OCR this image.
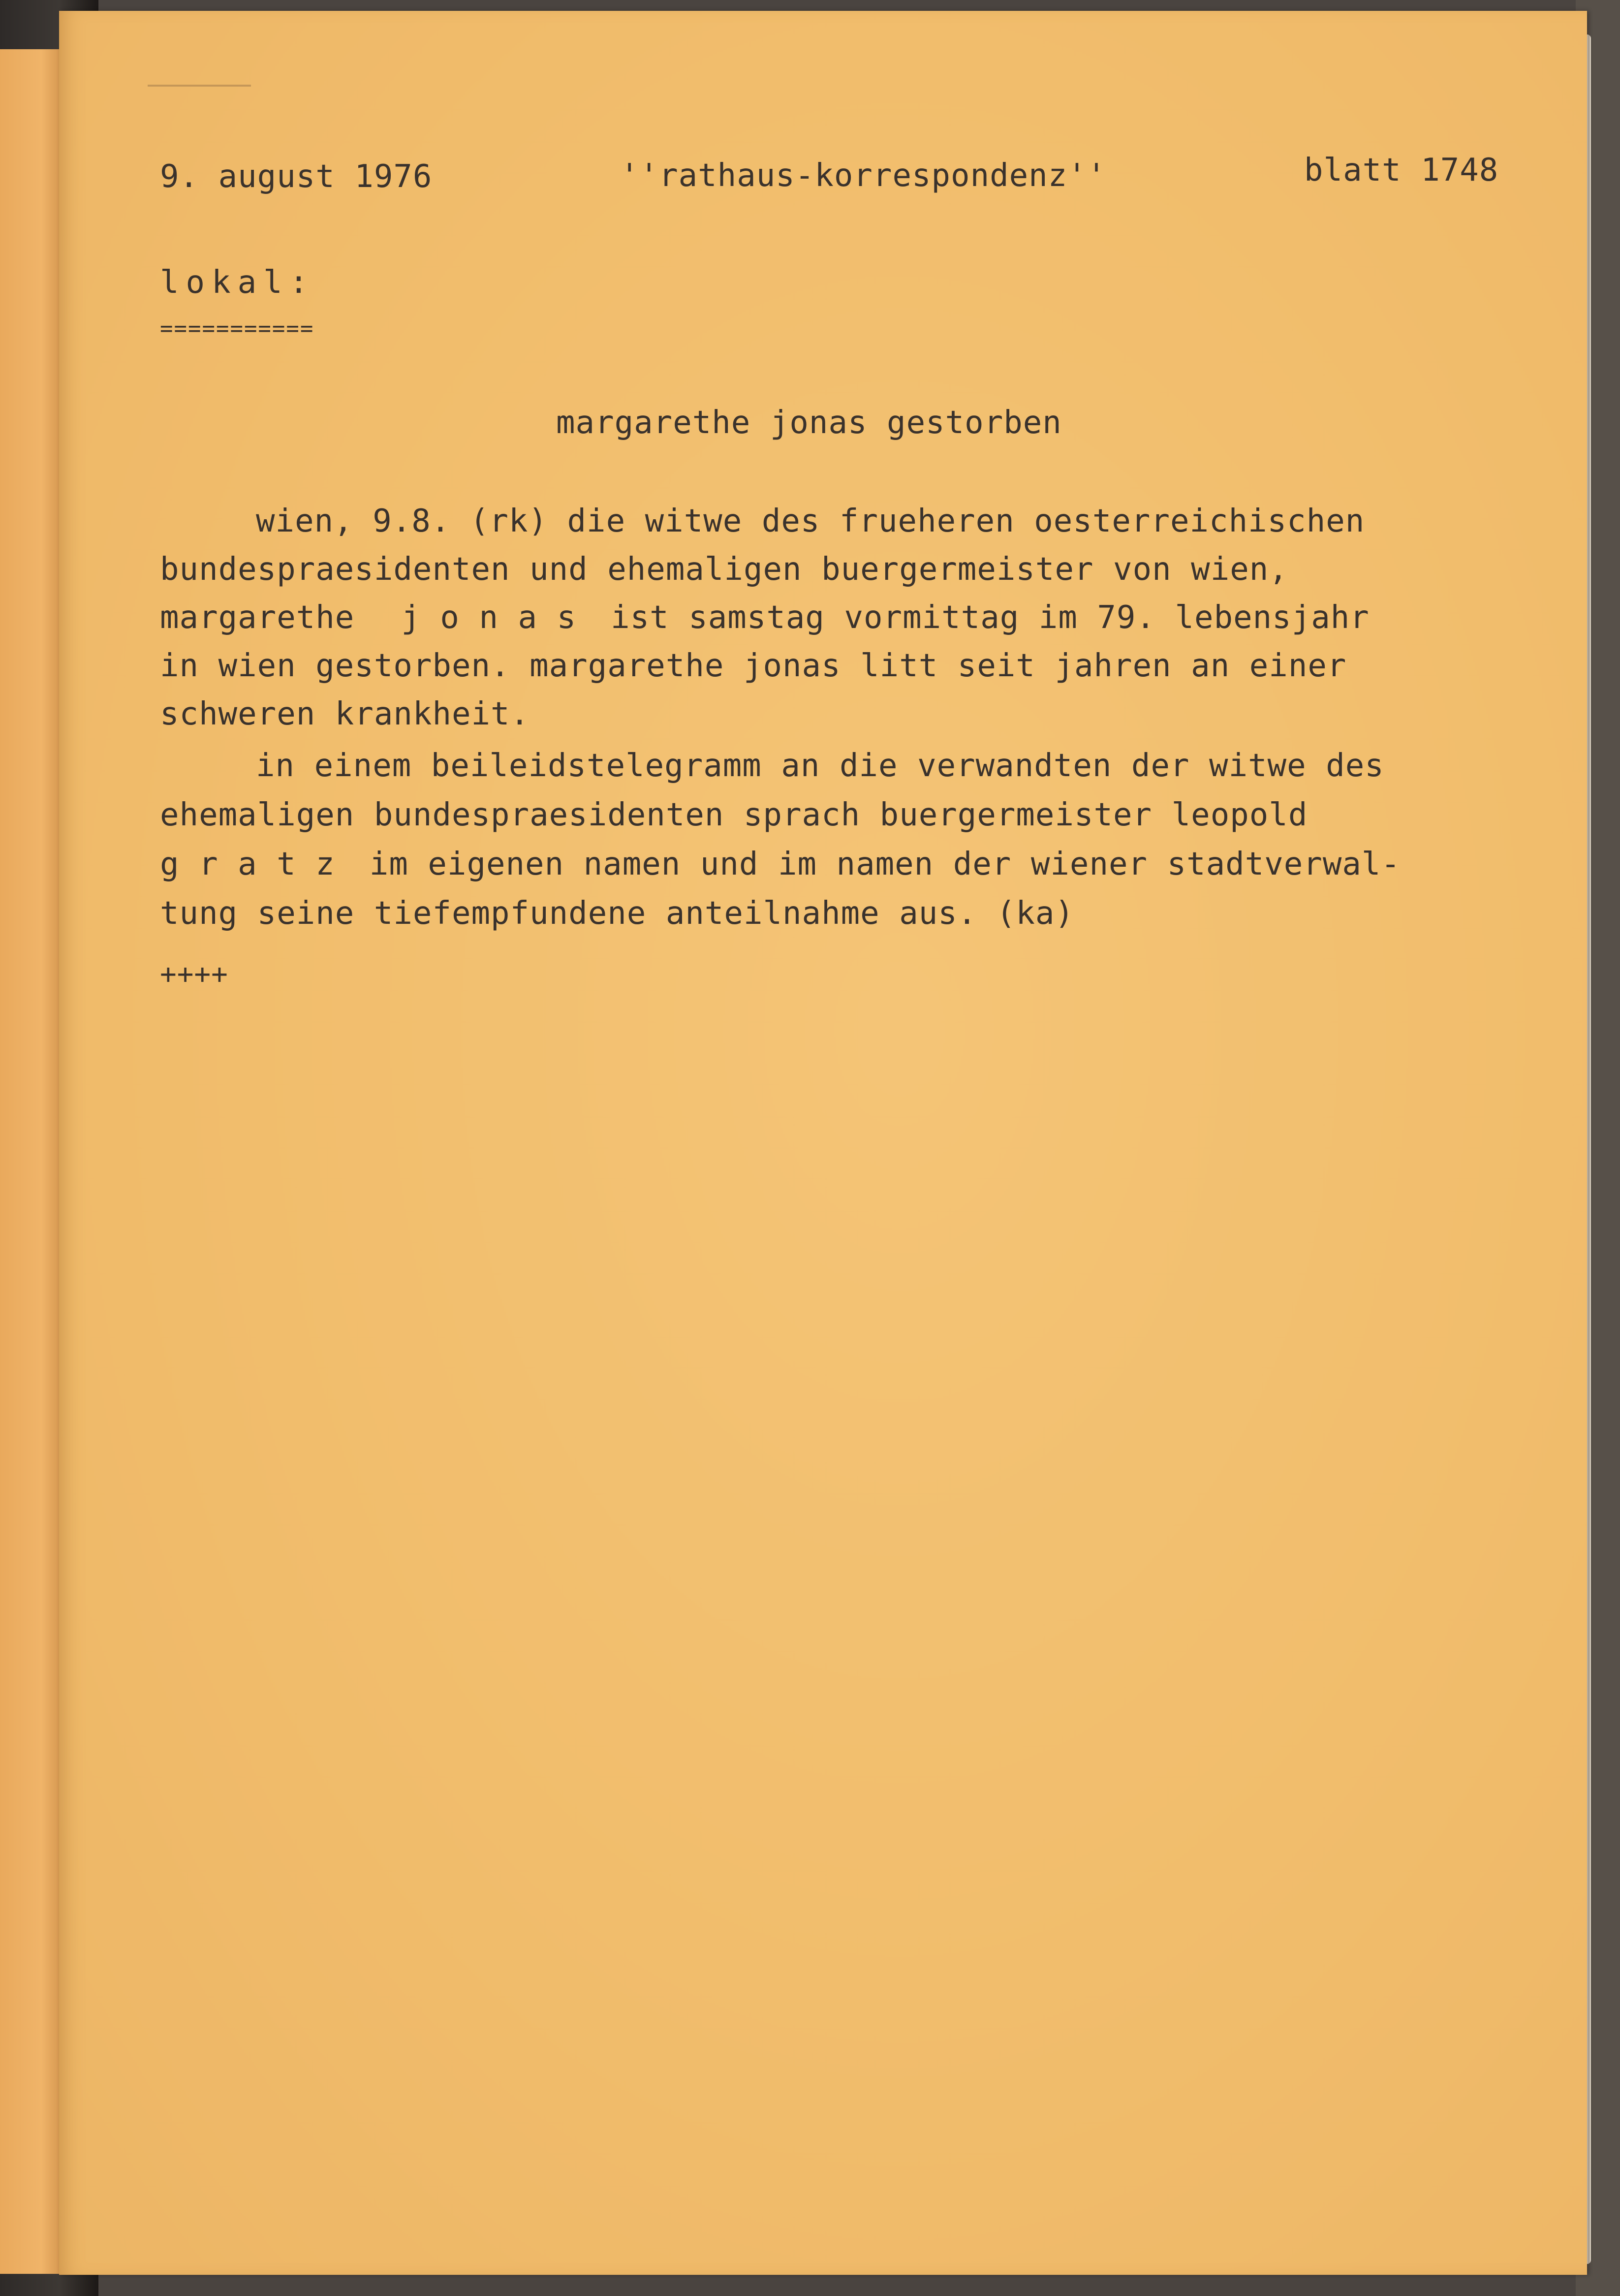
9. august 1976	''rathaus-korrespondenz''	blatt 1748
lokal:
===========
margarethe jonas gestorben
wien, 9.8. (rk) die witwe des frueheren oesterreichischen
bundespraesidenten und ehemaligen buergermeister von wien,
margarethe j o n a s ist samstag vormittag im 79. lebensjahr
in wien gestorben. margarethe jonas litt seit jahren an einer
schweren krankheit.
in einem beileidstelegramm an die verwandten der witwe des
ehemaligen bundespraesidenten sprach buergermeister leopold
g r a t z im eigenen namen und im namen der wiener stadtverwal-
tung seine tiefempfundene anteilnahme aus. (ka)
++++
